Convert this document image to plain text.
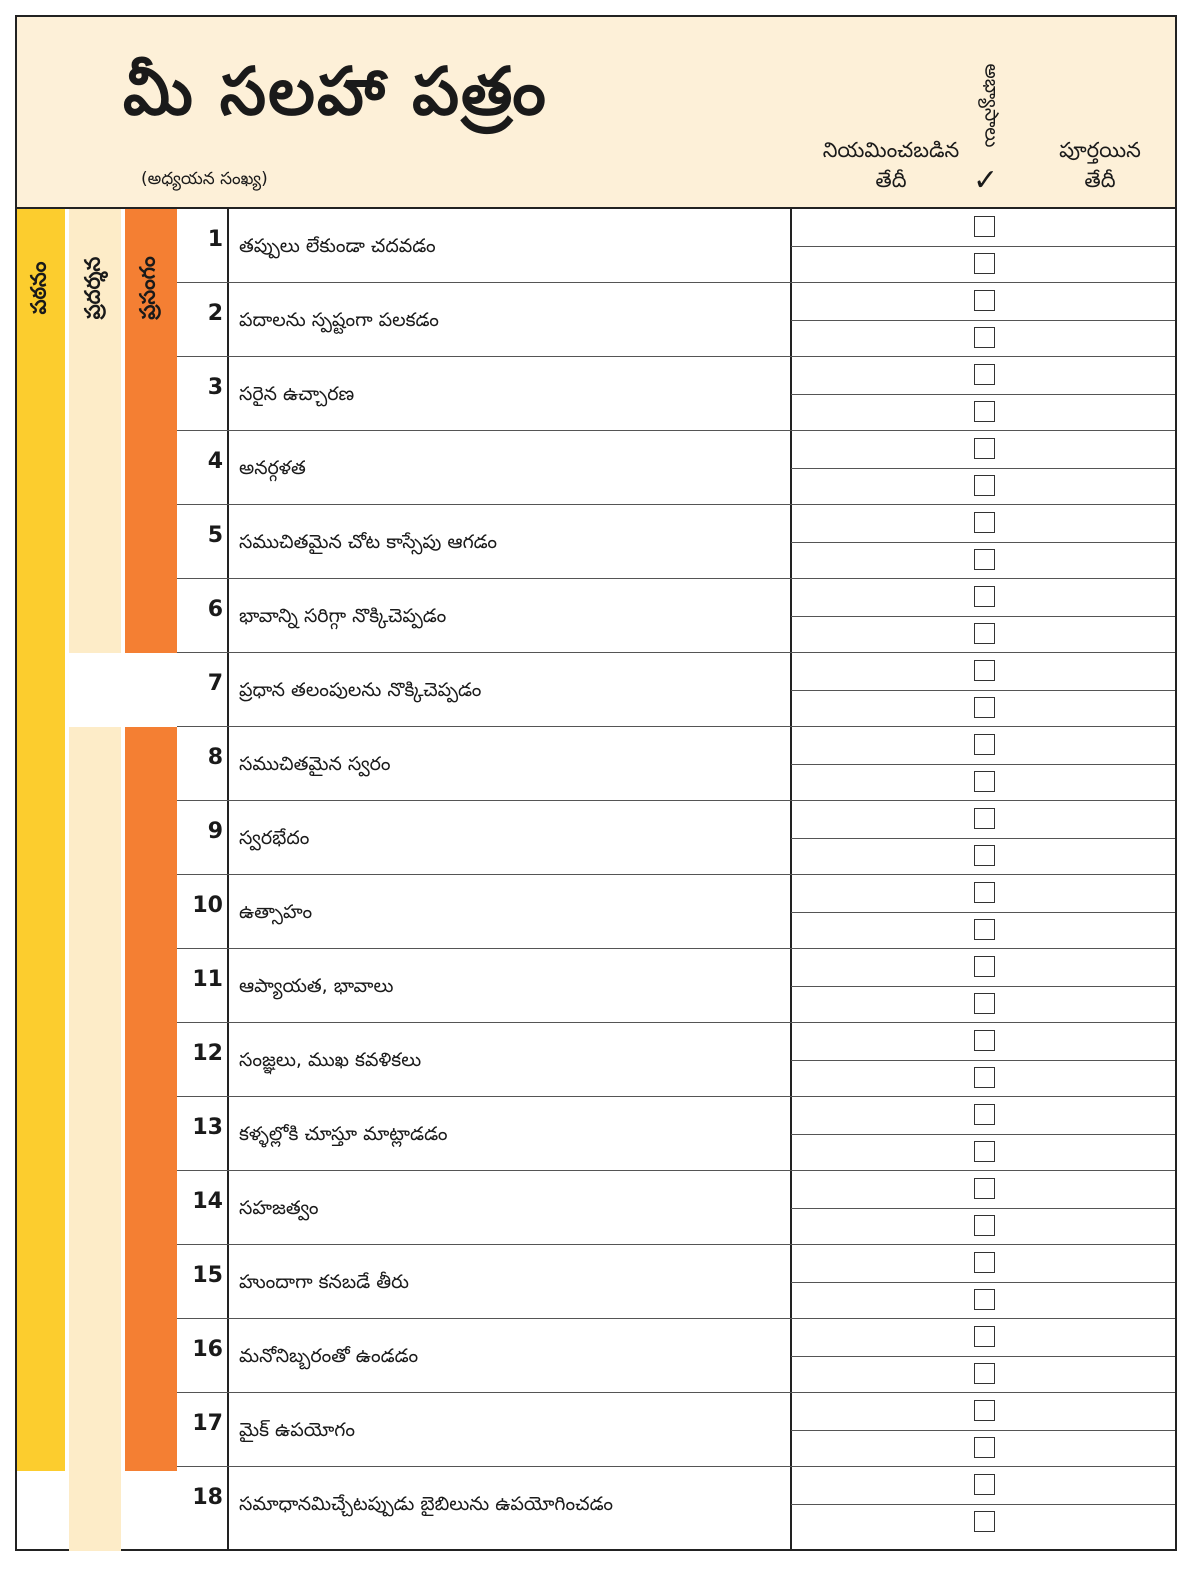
మీ సలహా పత్రం
(అధ్యయన సంఖ్య)
నియమించబడిన
తేదీ
అభ్యాసాలు
✓
పూర్తయిన
తేదీ
పఠనం ప్రదర్శన ప్రసంగం
1 తప్పులు లేకుండా చదవడం
2 పదాలను స్పష్టంగా పలకడం
3 సరైన ఉచ్చారణ
4 అనర్గళత
5 సముచితమైన చోట కాస్సేపు ఆగడం
6 భావాన్ని సరిగ్గా నొక్కిచెప్పడం
7 ప్రధాన తలంపులను నొక్కిచెప్పడం
8 సముచితమైన స్వరం
9 స్వరభేదం
10 ఉత్సాహం
11 ఆప్యాయత, భావాలు
12 సంజ్ఞలు, ముఖ కవళికలు
13 కళ్ళల్లోకి చూస్తూ మాట్లాడడం
14 సహజత్వం
15 హుందాగా కనబడే తీరు
16 మనోనిబ్బరంతో ఉండడం
17 మైక్ ఉపయోగం
18 సమాధానమిచ్చేటప్పుడు బైబిలును ఉపయోగించడం
